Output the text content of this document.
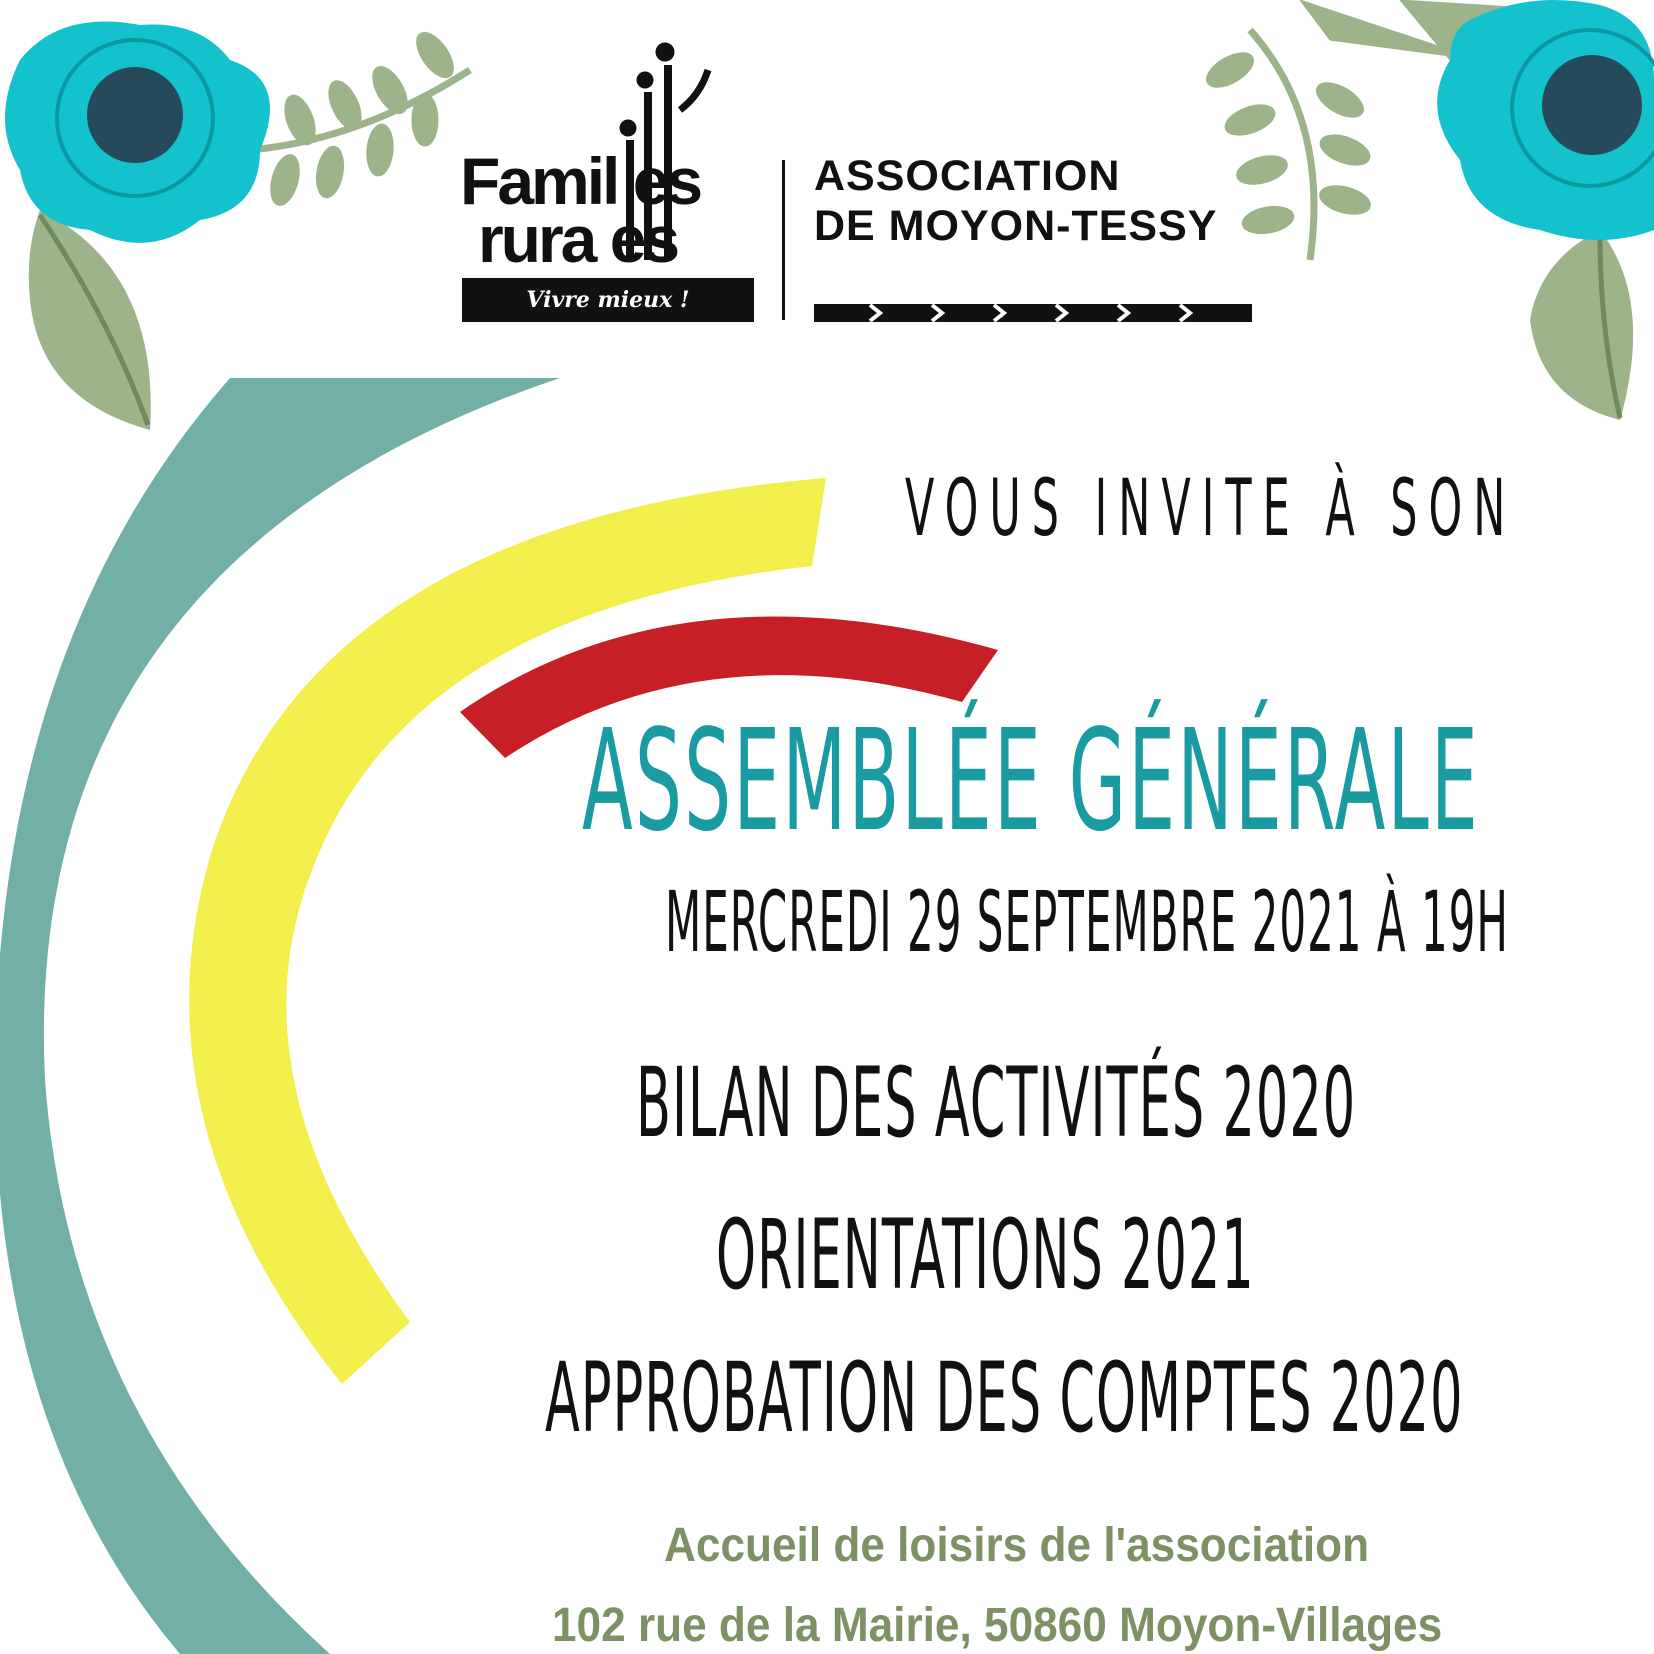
Famil es
rura es
Vivre mieux !
ASSOCIATION
DE MOYON-TESSY
VOUS INVITE À SON
ASSEMBLÉE GÉNÉRALE
MERCREDI 29 SEPTEMBRE 2021 À 19H
BILAN DES ACTIVITÉS 2020
ORIENTATIONS 2021
APPROBATION DES COMPTES 2020
Accueil de loisirs de l'association
102 rue de la Mairie, 50860 Moyon-Villages
